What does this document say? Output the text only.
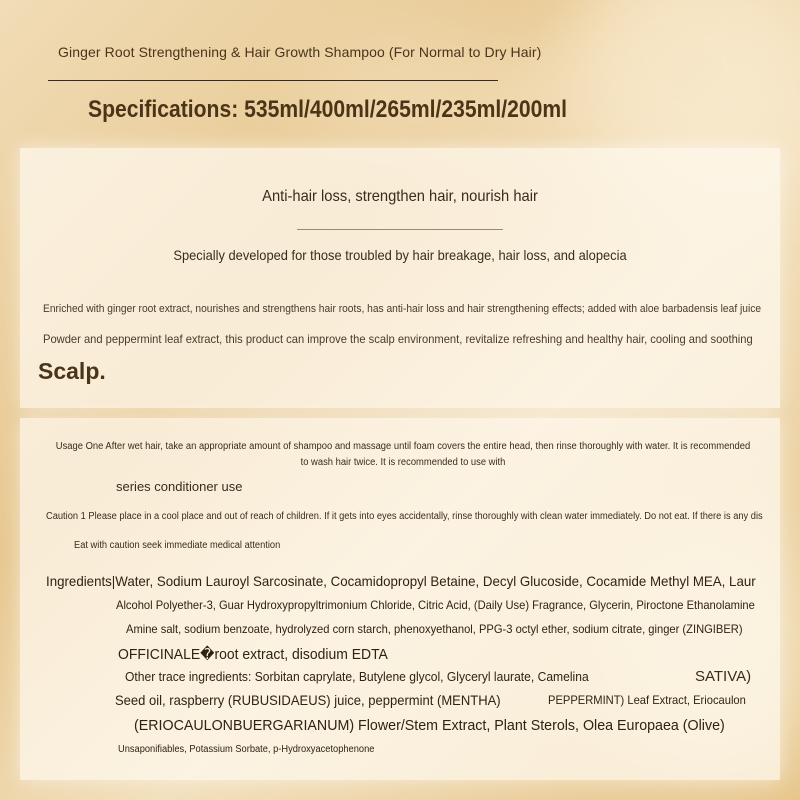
Ginger Root Strengthening & Hair Growth Shampoo (For Normal to Dry Hair)
Specifications: 535ml/400ml/265ml/235ml/200ml
Anti-hair loss, strengthen hair, nourish hair
Specially developed for those troubled by hair breakage, hair loss, and alopecia
Enriched with ginger root extract, nourishes and strengthens hair roots, has anti-hair loss and hair strengthening effects; added with aloe barbadensis leaf juice
Powder and peppermint leaf extract, this product can improve the scalp environment, revitalize refreshing and healthy hair, cooling and soothing
Scalp.
Usage One After wet hair, take an appropriate amount of shampoo and massage until foam covers the entire head, then rinse thoroughly with water. It is recommended to wash hair twice. It is recommended to use with
series conditioner use
Caution 1 Please place in a cool place and out of reach of children. If it gets into eyes accidentally, rinse thoroughly with clean water immediately. Do not eat. If there is any dis
Eat with caution seek immediate medical attention
Ingredients|Water, Sodium Lauroyl Sarcosinate, Cocamidopropyl Betaine, Decyl Glucoside, Cocamide Methyl MEA, Laur
Alcohol Polyether-3, Guar Hydroxypropyltrimonium Chloride, Citric Acid, (Daily Use) Fragrance, Glycerin, Piroctone Ethanolamine
Amine salt, sodium benzoate, hydrolyzed corn starch, phenoxyethanol, PPG-3 octyl ether, sodium citrate, ginger (ZINGIBER)
OFFICINALE�root extract, disodium EDTA
Other trace ingredients: Sorbitan caprylate, Butylene glycol, Glyceryl laurate, Camelina	SATIVA)
Seed oil, raspberry (RUBUSIDAEUS) juice, peppermint (MENTHA)	PEPPERMINT) Leaf Extract, Eriocaulon
(ERIOCAULONBUERGARIANUM) Flower/Stem Extract, Plant Sterols, Olea Europaea (Olive)
Unsaponifiables, Potassium Sorbate, p-Hydroxyacetophenone
